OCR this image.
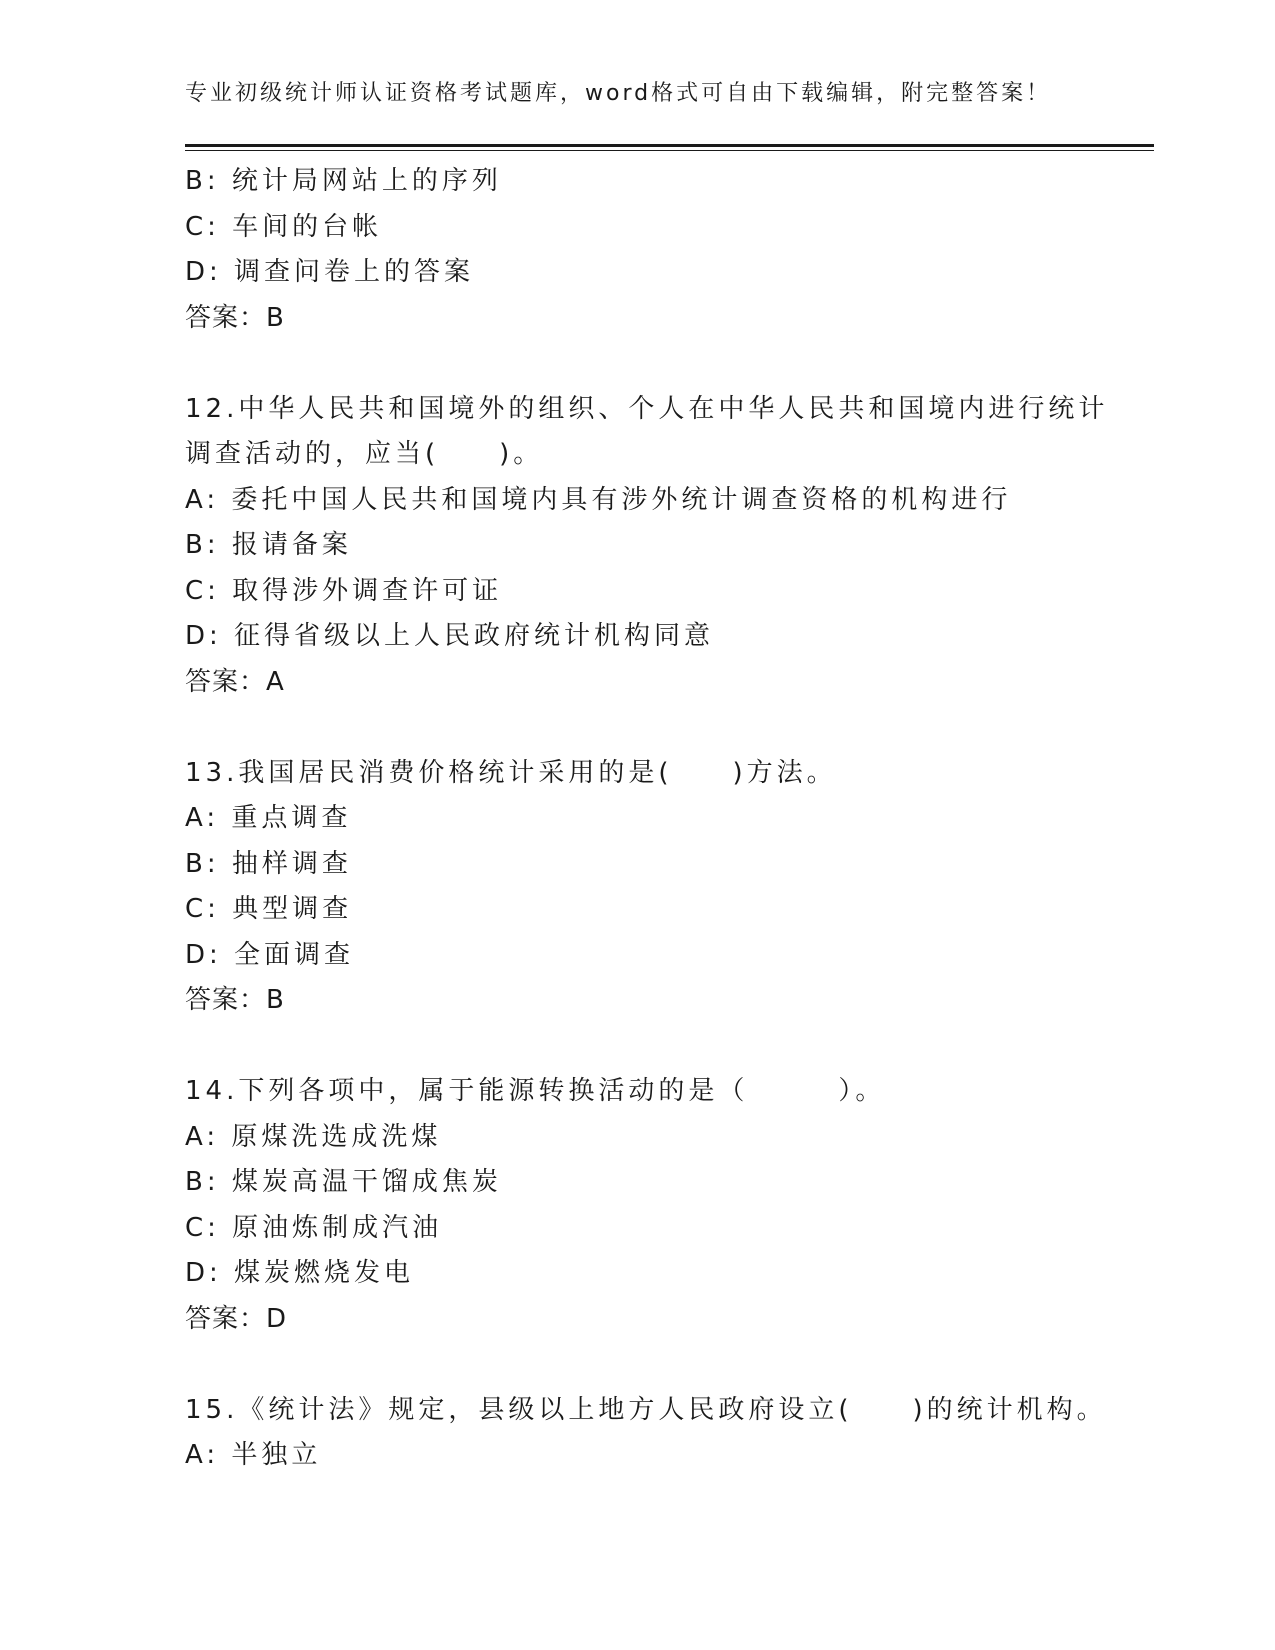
专业初级统计师认证资格考试题库，word格式可自由下载编辑，附完整答案！
B: 统计局网站上的序列
C: 车间的台帐
D: 调查问卷上的答案
答案：B
12.中华人民共和国境外的组织、个人在中华人民共和国境内进行统计
调查活动的，应当(　　)。
A: 委托中国人民共和国境内具有涉外统计调查资格的机构进行
B: 报请备案
C: 取得涉外调查许可证
D: 征得省级以上人民政府统计机构同意
答案：A
13.我国居民消费价格统计采用的是(　　)方法。
A: 重点调查
B: 抽样调查
C: 典型调查
D: 全面调查
答案：B
14.下列各项中，属于能源转换活动的是（　　　）。
A: 原煤洗选成洗煤
B: 煤炭高温干馏成焦炭
C: 原油炼制成汽油
D: 煤炭燃烧发电
答案：D
15.《统计法》规定，县级以上地方人民政府设立(　　)的统计机构。
A: 半独立
